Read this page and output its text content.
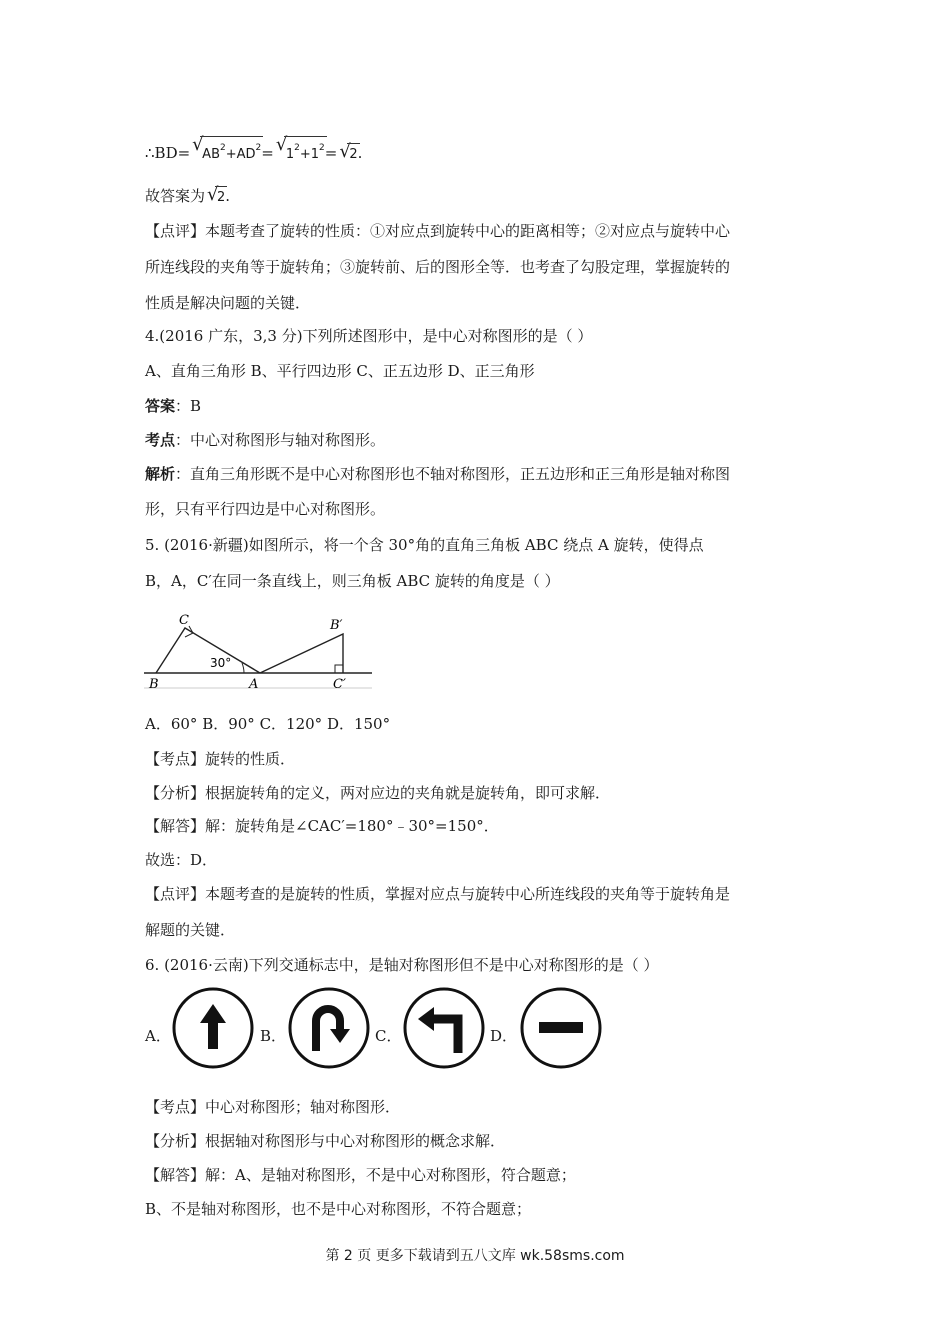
∴BD= √
$AB^2+AD^2=$ √
$1^2+1^2=$ √
2.
故答案为 √
2.
【点评】本题考查了旋转的性质：①对应点到旋转中心的距离相等；②对应点与旋转中心
所连线段的夹角等于旋转角；③旋转前、后的图形全等．也考查了勾股定理，掌握旋转的
性质是解决问题的关键．
4.(2016 广东，3,3 分)下列所述图形中，是中心对称图形的是（ ）
A、直角三角形 B、平行四边形 C、正五边形 D、正三角形
答案：B
考点：中心对称图形与轴对称图形。
解析：直角三角形既不是中心对称图形也不轴对称图形，正五边形和正三角形是轴对称图
形，只有平行四边是中心对称图形。
5. (2016·新疆)如图所示，将一个含 30°角的直角三角板 ABC 绕点 A 旋转，使得点
B，A，C′在同一条直线上，则三角板 ABC 旋转的角度是（ ）
C	B′
30°
B	A	C′
A．60° B．90° C．120° D．150°
【考点】旋转的性质．
【分析】根据旋转角的定义，两对应边的夹角就是旋转角，即可求解．
【解答】解：旋转角是∠CAC′=180°﹣30°=150°．
故选：D．
【点评】本题考查的是旋转的性质，掌握对应点与旋转中心所连线段的夹角等于旋转角是
解题的关键．
6. (2016·云南)下列交通标志中，是轴对称图形但不是中心对称图形的是（ ）
A．	B．	C．	D．
【考点】中心对称图形；轴对称图形．
【分析】根据轴对称图形与中心对称图形的概念求解．
【解答】解：A、是轴对称图形，不是中心对称图形，符合题意；
B、不是轴对称图形，也不是中心对称图形，不符合题意；
第 2 页 更多下载请到五八文库 wk.58sms.com
